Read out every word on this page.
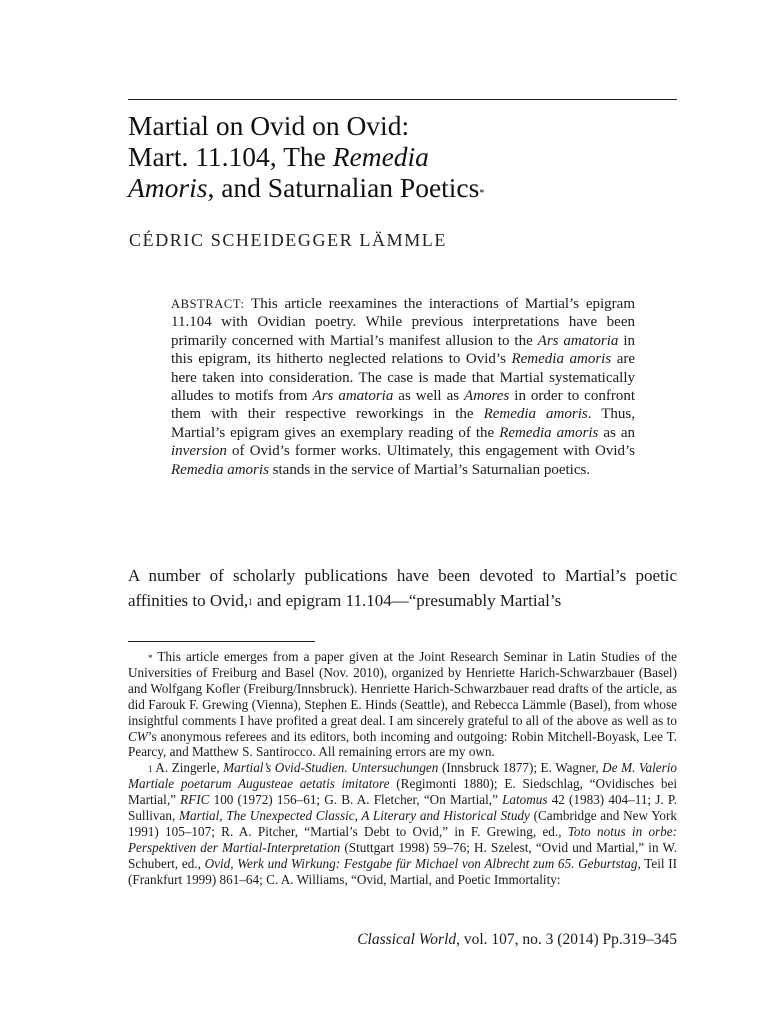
Martial on Ovid on Ovid:
Mart. 11.104, The Remedia
Amoris, and Saturnalian Poetics*
CÉDRIC SCHEIDEGGER LÄMMLE
ABSTRACT: This article reexamines the interactions of Martial’s epigram 11.104 with Ovidian poetry. While previous interpretations have been primarily concerned with Martial’s manifest allusion to the Ars amatoria in this epigram, its hitherto neglected relations to Ovid’s Remedia amoris are here taken into consideration. The case is made that Martial systematically alludes to motifs from Ars amatoria as well as Amores in order to confront them with their respective reworkings in the Remedia amoris. Thus, Martial’s epigram gives an exemplary reading of the Remedia amoris as an inversion of Ovid’s former works. Ultimately, this engagement with Ovid’s Remedia amoris stands in the service of Martial’s Saturnalian poetics.
A number of scholarly publications have been devoted to Martial’s poetic affinities to Ovid,$^1$ and epigram 11.104—“presumably Martial’s

* This article emerges from a paper given at the Joint Research Seminar in Latin Studies of the Universities of Freiburg and Basel (Nov. 2010), organized by Henriette Harich-Schwarzbauer (Basel) and Wolfgang Kofler (Freiburg/Innsbruck). Henriette Harich-Schwarzbauer read drafts of the article, as did Farouk F. Grewing (Vienna), Stephen E. Hinds (Seattle), and Rebecca Lämmle (Basel), from whose insightful comments I have profited a great deal. I am sincerely grateful to all of the above as well as to CW’s anonymous referees and its editors, both incoming and outgoing: Robin Mitchell-Boyask, Lee T. Pearcy, and Matthew S. Santirocco. All remaining errors are my own.

$^1$ A. Zingerle, Martial’s Ovid-Studien. Untersuchungen (Innsbruck 1877); E. Wagner, De M. Valerio Martiale poetarum Augusteae aetatis imitatore (Regimonti 1880); E. Siedschlag, “Ovidisches bei Martial,” RFIC 100 (1972) 156–61; G. B. A. Fletcher, “On Martial,” Latomus 42 (1983) 404–11; J. P. Sullivan, Martial, The Unexpected Classic, A Literary and Historical Study (Cambridge and New York 1991) 105–107; R. A. Pitcher, “Martial’s Debt to Ovid,” in F. Grewing, ed., Toto notus in orbe: Perspektiven der Martial-Interpretation (Stuttgart 1998) 59–76; H. Szelest, “Ovid und Martial,” in W. Schubert, ed., Ovid, Werk und Wirkung: Festgabe für Michael von Albrecht zum 65. Geburtstag, Teil II (Frankfurt 1999) 861–64; C. A. Williams, “Ovid, Martial, and Poetic Immortality:

Classical World, vol. 107, no. 3 (2014) Pp.319–345
